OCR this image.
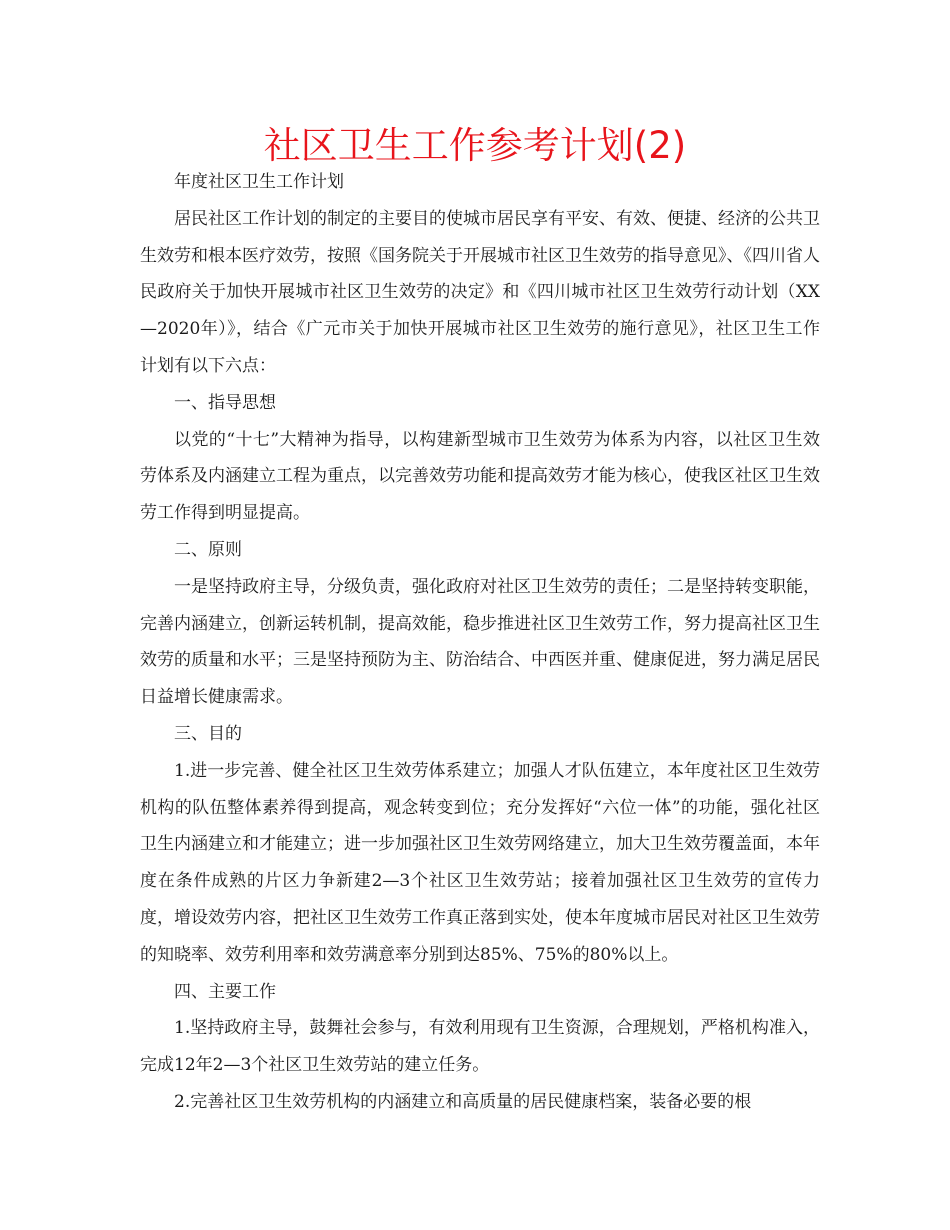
社区卫生工作参考计划(2)

年度社区卫生工作计划

居民社区工作计划的制定的主要目的使城市居民享有平安、有效、便捷、经济的公共卫生效劳和根本医疗效劳，按照《国务院关于开展城市社区卫生效劳的指导意见》、《四川省人民政府关于加快开展城市社区卫生效劳的决定》和《四川城市社区卫生效劳行动计划（XX—2020年）》，结合《广元市关于加快开展城市社区卫生效劳的施行意见》，社区卫生工作计划有以下六点：

一、指导思想

以党的“十七”大精神为指导，以构建新型城市卫生效劳为体系为内容，以社区卫生效劳体系及内涵建立工程为重点，以完善效劳功能和提高效劳才能为核心，使我区社区卫生效劳工作得到明显提高。

二、原则

一是坚持政府主导，分级负责，强化政府对社区卫生效劳的责任；二是坚持转变职能，完善内涵建立，创新运转机制，提高效能，稳步推进社区卫生效劳工作，努力提高社区卫生效劳的质量和水平；三是坚持预防为主、防治结合、中西医并重、健康促进，努力满足居民日益增长健康需求。

三、目的

1.进一步完善、健全社区卫生效劳体系建立；加强人才队伍建立，本年度社区卫生效劳机构的队伍整体素养得到提高，观念转变到位；充分发挥好“六位一体”的功能，强化社区卫生内涵建立和才能建立；进一步加强社区卫生效劳网络建立，加大卫生效劳覆盖面，本年度在条件成熟的片区力争新建2—3个社区卫生效劳站；接着加强社区卫生效劳的宣传力度，增设效劳内容，把社区卫生效劳工作真正落到实处，使本年度城市居民对社区卫生效劳的知晓率、效劳利用率和效劳满意率分别到达85%、75%的80%以上。

四、主要工作

1.坚持政府主导，鼓舞社会参与，有效利用现有卫生资源，合理规划，严格机构准入，完成12年2—3个社区卫生效劳站的建立任务。

2.完善社区卫生效劳机构的内涵建立和高质量的居民健康档案，装备必要的根
